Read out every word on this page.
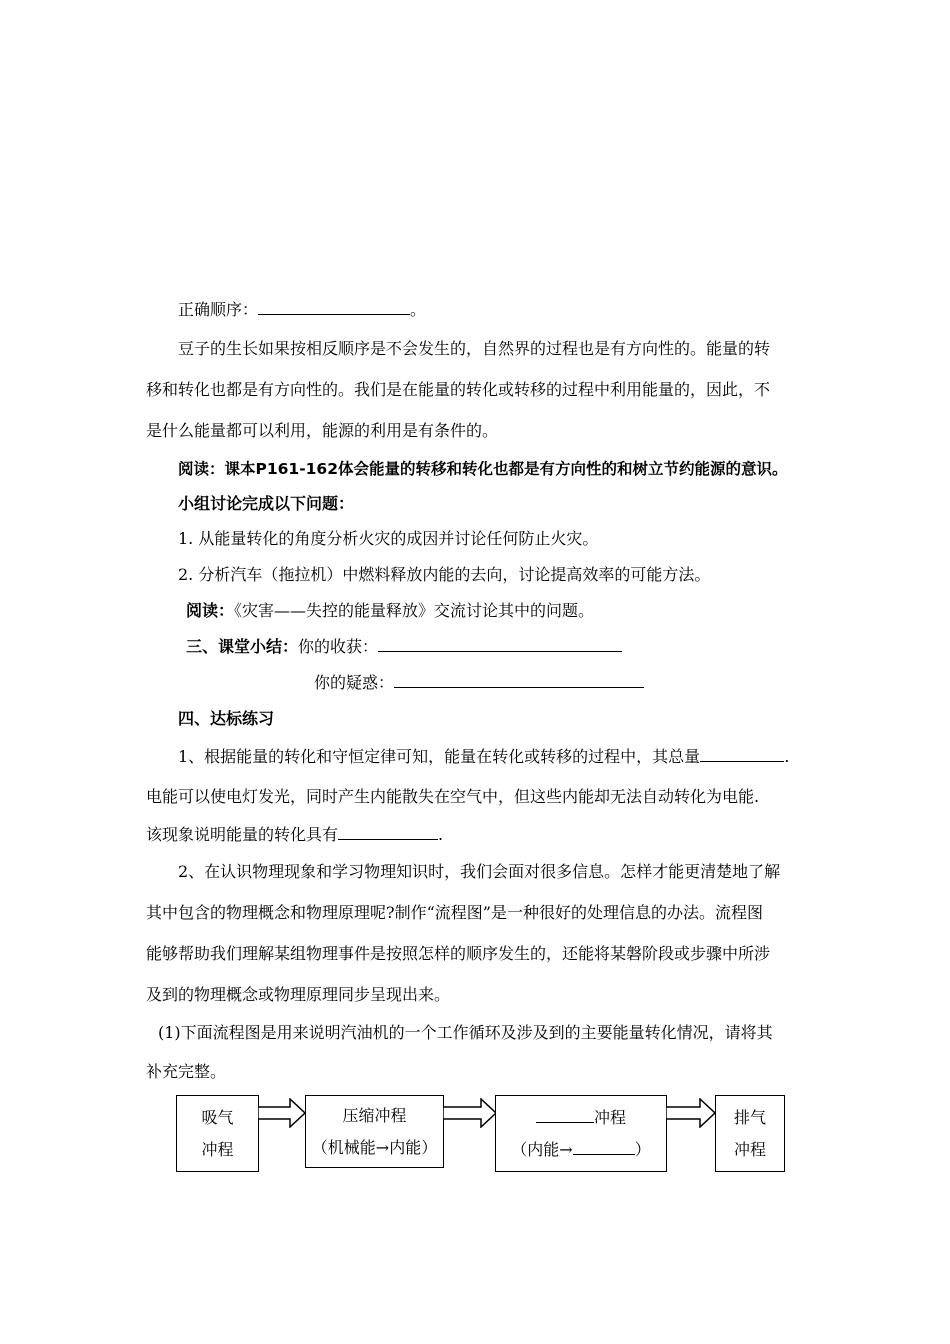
正确顺序：	。
豆子的生长如果按相反顺序是不会发生的，自然界的过程也是有方向性的。能量的转
移和转化也都是有方向性的。我们是在能量的转化或转移的过程中利用能量的，因此，不
是什么能量都可以利用，能源的利用是有条件的。
阅读：课本P161-162体会能量的转移和转化也都是有方向性的和树立节约能源的意识。
小组讨论完成以下问题：
1. 从能量转化的角度分析火灾的成因并讨论任何防止火灾。
2. 分析汽车（拖拉机）中燃料释放内能的去向，讨论提高效率的可能方法。
阅读：《灾害——失控的能量释放》交流讨论其中的问题。
三、课堂小结：你的收获：
你的疑惑：
四、达标练习
1、根据能量的转化和守恒定律可知，能量在转化或转移的过程中，其总量	.
电能可以使电灯发光，同时产生内能散失在空气中，但这些内能却无法自动转化为电能.
该现象说明能量的转化具有	.
2、在认识物理现象和学习物理知识时，我们会面对很多信息。怎样才能更清楚地了解
其中包含的物理概念和物理原理呢?制作“流程图”是一种很好的处理信息的办法。流程图
能够帮助我们理解某组物理事件是按照怎样的顺序发生的，还能将某磐阶段或步骤中所涉
及到的物理概念或物理原理同步呈现出来。
(1)下面流程图是用来说明汽油机的一个工作循环及涉及到的主要能量转化情况，请将其
补充完整。
吸气
冲程
压缩冲程
（机械能→内能）
冲程
（内能→	）
排气
冲程
